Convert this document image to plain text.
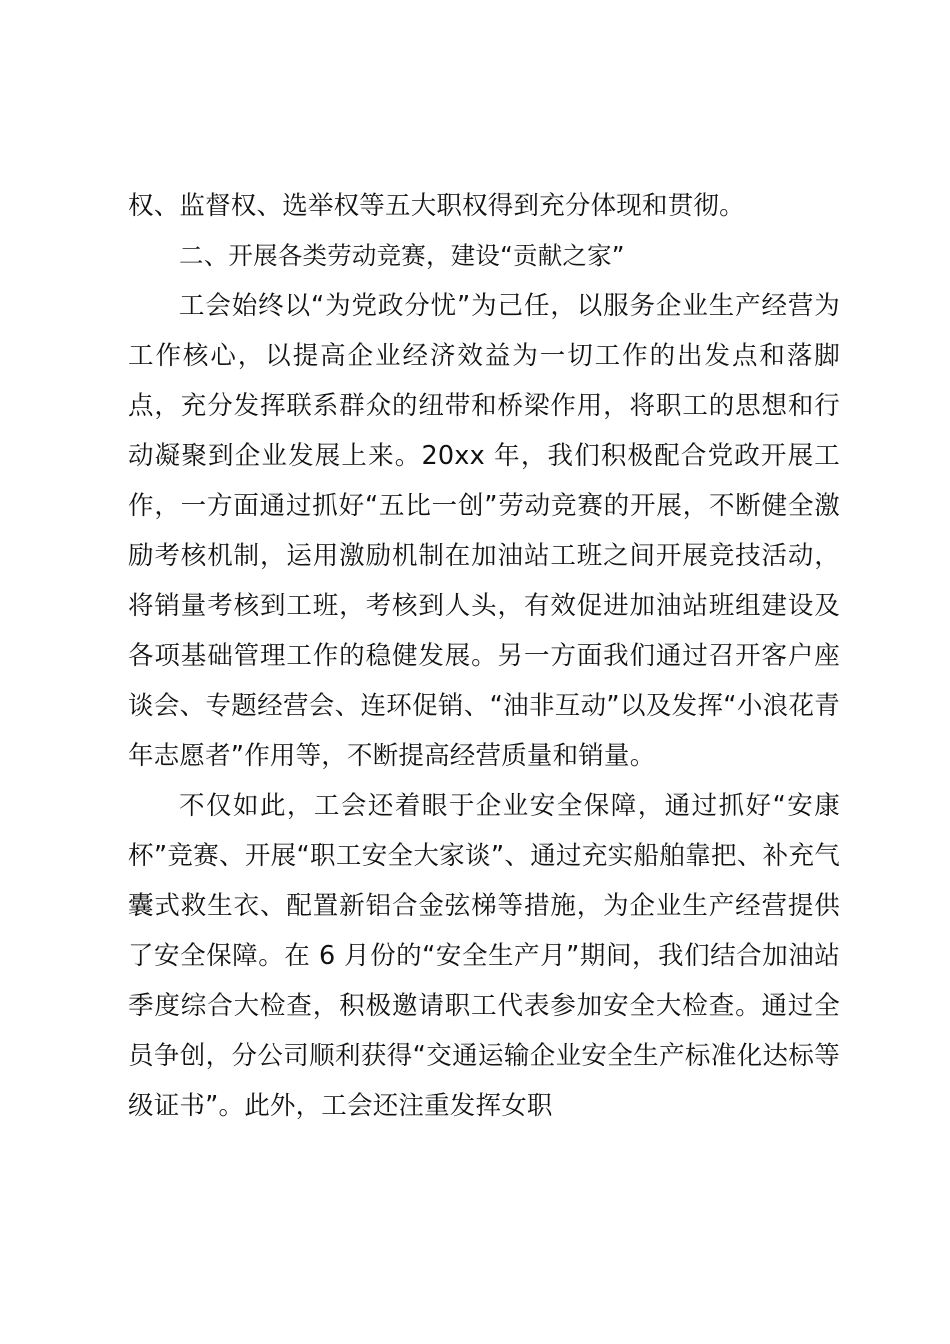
权、监督权、选举权等五大职权得到充分体现和贯彻。

二、开展各类劳动竞赛，建设“贡献之家”

工会始终以“为党政分忧”为己任，以服务企业生产经营为工作核心，以提高企业经济效益为一切工作的出发点和落脚点，充分发挥联系群众的纽带和桥梁作用，将职工的思想和行动凝聚到企业发展上来。20xx 年，我们积极配合党政开展工作，一方面通过抓好“五比一创”劳动竞赛的开展，不断健全激励考核机制，运用激励机制在加油站工班之间开展竞技活动，将销量考核到工班，考核到人头，有效促进加油站班组建设及各项基础管理工作的稳健发展。另一方面我们通过召开客户座谈会、专题经营会、连环促销、“油非互动”以及发挥“小浪花青年志愿者”作用等，不断提高经营质量和销量。

不仅如此，工会还着眼于企业安全保障，通过抓好“安康杯”竞赛、开展“职工安全大家谈”、通过充实船舶靠把、补充气囊式救生衣、配置新铝合金弦梯等措施，为企业生产经营提供了安全保障。在 6 月份的“安全生产月”期间，我们结合加油站季度综合大检查，积极邀请职工代表参加安全大检查。通过全员争创，分公司顺利获得“交通运输企业安全生产标准化达标等级证书”。此外，工会还注重发挥女职
